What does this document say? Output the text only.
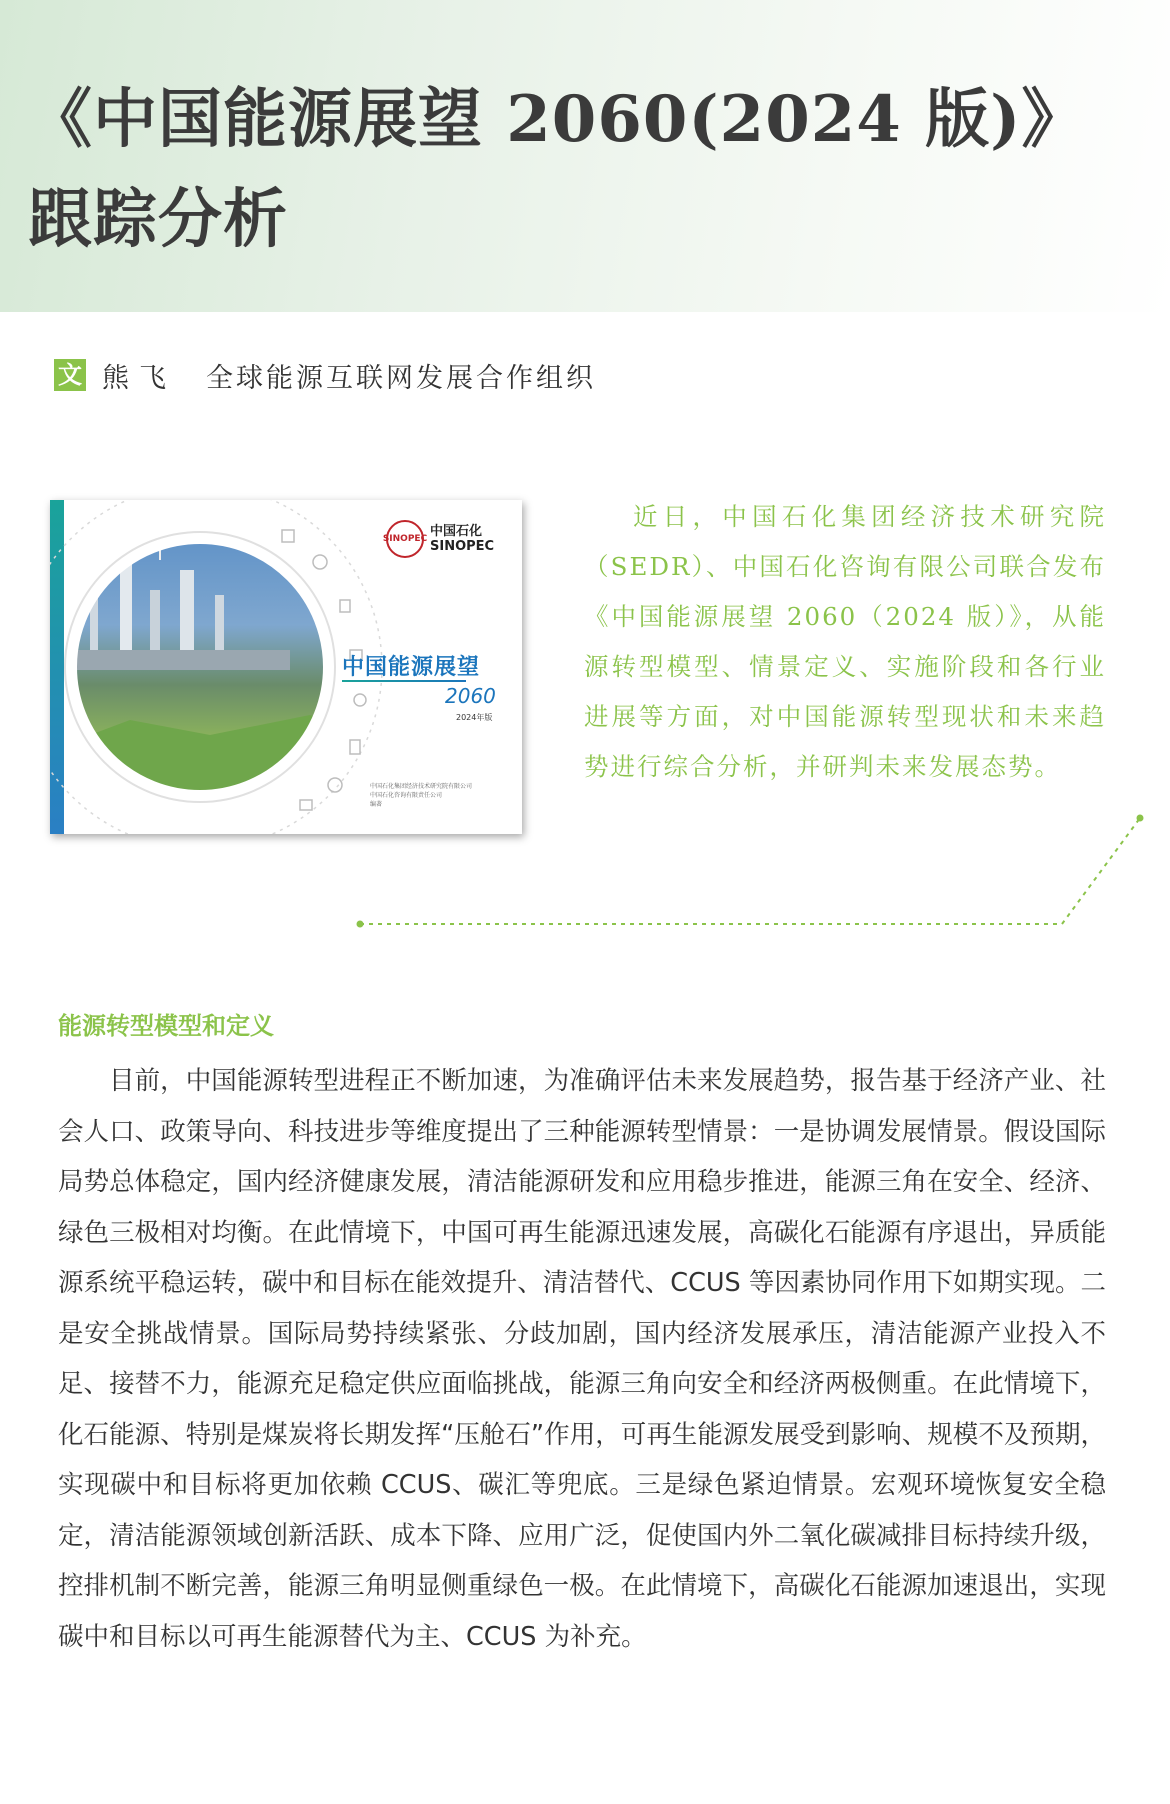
《中国能源展望 2060(2024 版)》
跟踪分析
文 熊飞 全球能源互联网发展合作组织
SINOPEC 中国石化
SINOPEC
中国能源展望
2060
2024年版
中国石化集团经济技术研究院有限公司
中国石化咨询有限责任公司
编著
近日，中国石化集团经济技术研究院（SEDR）、中国石化咨询有限公司联合发布《中国能源展望 2060（2024 版）》，从能源转型模型、情景定义、实施阶段和各行业进展等方面，对中国能源转型现状和未来趋势进行综合分析，并研判未来发展态势。
能源转型模型和定义
目前，中国能源转型进程正不断加速，为准确评估未来发展趋势，报告基于经济产业、社会人口、政策导向、科技进步等维度提出了三种能源转型情景：一是协调发展情景。假设国际局势总体稳定，国内经济健康发展，清洁能源研发和应用稳步推进，能源三角在安全、经济、绿色三极相对均衡。在此情境下，中国可再生能源迅速发展，高碳化石能源有序退出，异质能源系统平稳运转，碳中和目标在能效提升、清洁替代、CCUS 等因素协同作用下如期实现。二是安全挑战情景。国际局势持续紧张、分歧加剧，国内经济发展承压，清洁能源产业投入不足、接替不力，能源充足稳定供应面临挑战，能源三角向安全和经济两极侧重。在此情境下，化石能源、特别是煤炭将长期发挥“压舱石”作用，可再生能源发展受到影响、规模不及预期，实现碳中和目标将更加依赖 CCUS、碳汇等兜底。三是绿色紧迫情景。宏观环境恢复安全稳定，清洁能源领域创新活跃、成本下降、应用广泛，促使国内外二氧化碳减排目标持续升级，控排机制不断完善，能源三角明显侧重绿色一极。在此情境下，高碳化石能源加速退出，实现碳中和目标以可再生能源替代为主、CCUS 为补充。
